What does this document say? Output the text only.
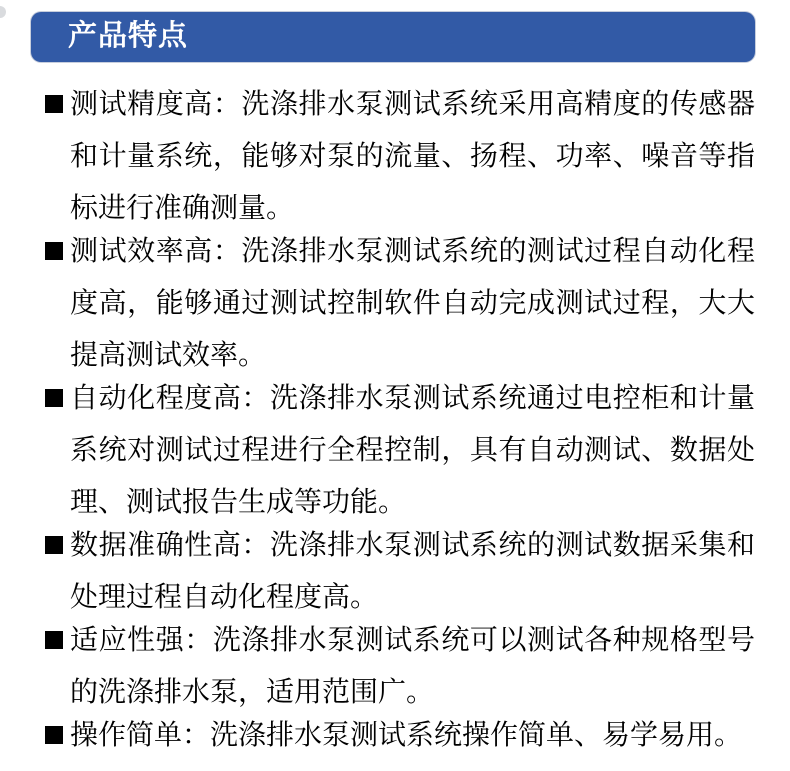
产品特点

测试精度高：洗涤排水泵测试系统采用高精度的传感器和计量系统，能够对泵的流量、扬程、功率、噪音等指标进行准确测量。

测试效率高：洗涤排水泵测试系统的测试过程自动化程度高，能够通过测试控制软件自动完成测试过程，大大提高测试效率。

自动化程度高：洗涤排水泵测试系统通过电控柜和计量系统对测试过程进行全程控制，具有自动测试、数据处理、测试报告生成等功能。

数据准确性高：洗涤排水泵测试系统的测试数据采集和处理过程自动化程度高。

适应性强：洗涤排水泵测试系统可以测试各种规格型号的洗涤排水泵，适用范围广。

操作简单：洗涤排水泵测试系统操作简单、易学易用。
